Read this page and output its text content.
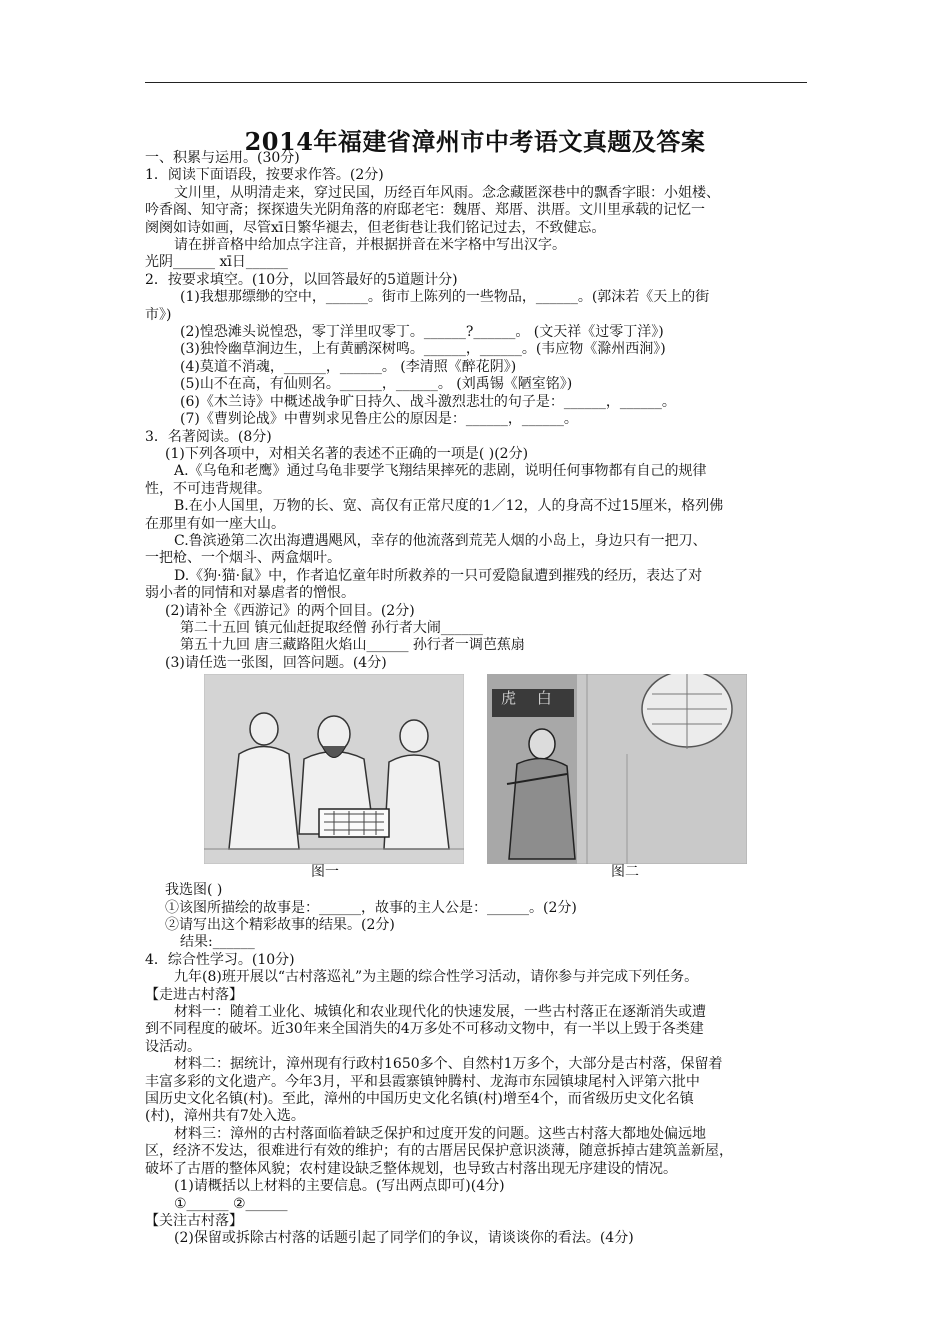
2014年福建省漳州市中考语文真题及答案

一、积累与运用。(30分)

1．阅读下面语段，按要求作答。(2分)

文川里，从明清走来，穿过民国，历经百年风雨。念念藏匿深巷中的飘香字眼：小姐楼、

吟香阁、知守斋；探探遗失光阴角落的府邸老宅：魏厝、郑厝、洪厝。文川里承载的记忆一

阕阕如诗如画，尽管xī日繁华褪去，但老街巷让我们铭记过去，不致健忘。

请在拼音格中给加点字注音，并根据拼音在米字格中写出汉字。

光阴______ xī日______

2．按要求填空。(10分，以回答最好的5道题计分)

(1)我想那缥缈的空中，______。街市上陈列的一些物品，______。(郭沫若《天上的街

市》)

(2)惶恐滩头说惶恐，零丁洋里叹零丁。______?______。 (文天祥《过零丁洋》)

(3)独怜幽草涧边生，上有黄鹂深树鸣。______，______。(韦应物《滁州西涧》)

(4)莫道不消魂，______，______。 (李清照《醉花阴》)

(5)山不在高，有仙则名。______，______。 (刘禹锡《陋室铭》)

(6)《木兰诗》中概述战争旷日持久、战斗激烈悲壮的句子是：______，______。

(7)《曹刿论战》中曹刿求见鲁庄公的原因是：______，______。

3．名著阅读。(8分)

(1)下列各项中，对相关名著的表述不正确的一项是( )(2分)

A.《乌龟和老鹰》通过乌龟非要学飞翔结果摔死的悲剧，说明任何事物都有自己的规律

性，不可违背规律。

B.在小人国里，万物的长、宽、高仅有正常尺度的1／12，人的身高不过15厘米，格列佛

在那里有如一座大山。

C.鲁滨逊第二次出海遭遇飓风，幸存的他流落到荒芜人烟的小岛上，身边只有一把刀、

一把枪、一个烟斗、两盒烟叶。

D.《狗·猫·鼠》中，作者追忆童年时所救养的一只可爱隐鼠遭到摧残的经历，表达了对

弱小者的同情和对暴虐者的憎恨。

(2)请补全《西游记》的两个回目。(2分)

第二十五回 镇元仙赶捉取经僧 孙行者大闹______

第五十九回 唐三藏路阻火焰山______ 孙行者一调芭蕉扇

(3)请任选一张图，回答问题。(4分)

图一
虎 白
图二

我选图( )

①该图所描绘的故事是：______，故事的主人公是：______。(2分)

②请写出这个精彩故事的结果。(2分)

结果:______

4．综合性学习。(10分)

九年(8)班开展以“古村落巡礼”为主题的综合性学习活动，请你参与并完成下列任务。

【走进古村落】

材料一：随着工业化、城镇化和农业现代化的快速发展，一些古村落正在逐渐消失或遭

到不同程度的破坏。近30年来全国消失的4万多处不可移动文物中，有一半以上毁于各类建

设活动。

材料二：据统计，漳州现有行政村1650多个、自然村1万多个，大部分是古村落，保留着

丰富多彩的文化遗产。今年3月，平和县霞寨镇钟腾村、龙海市东园镇埭尾村入评第六批中

国历史文化名镇(村)。至此，漳州的中国历史文化名镇(村)增至4个，而省级历史文化名镇

(村)，漳州共有7处入选。

材料三：漳州的古村落面临着缺乏保护和过度开发的问题。这些古村落大都地处偏远地

区，经济不发达，很难进行有效的维护；有的古厝居民保护意识淡薄，随意拆掉古建筑盖新屋，

破坏了古厝的整体风貌；农村建设缺乏整体规划，也导致古村落出现无序建设的情况。

(1)请概括以上材料的主要信息。(写出两点即可)(4分)

①______ ②______

【关注古村落】

(2)保留或拆除古村落的话题引起了同学们的争议，请谈谈你的看法。(4分)
